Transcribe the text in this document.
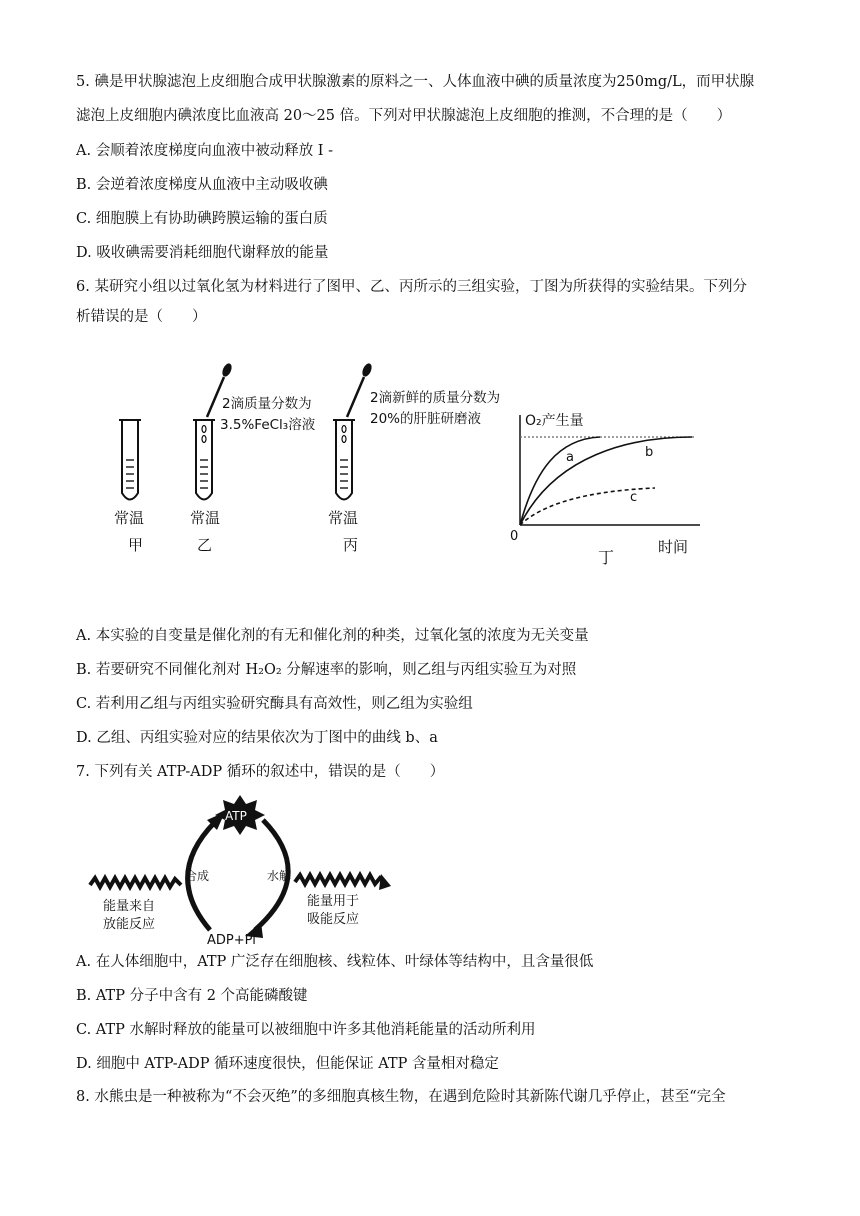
5. 碘是甲状腺滤泡上皮细胞合成甲状腺激素的原料之一、人体血液中碘的质量浓度为250mg/L，而甲状腺
滤泡上皮细胞内碘浓度比血液高 20～25 倍。下列对甲状腺滤泡上皮细胞的推测，不合理的是（　　）
A. 会顺着浓度梯度向血液中被动释放 I -
B. 会逆着浓度梯度从血液中主动吸收碘
C. 细胞膜上有协助碘跨膜运输的蛋白质
D. 吸收碘需要消耗细胞代谢释放的能量
6. 某研究小组以过氧化氢为材料进行了图甲、乙、丙所示的三组实验，丁图为所获得的实验结果。下列分
析错误的是（　　）
2滴质量分数为
3.5%FeCl₃溶液
2滴新鲜的质量分数为
20%的肝脏研磨液
常温	常温	常温
甲	乙	丙
O₂产生量
时间
0
丁
a	b
c
A. 本实验的自变量是催化剂的有无和催化剂的种类，过氧化氢的浓度为无关变量
B. 若要研究不同催化剂对 H₂O₂ 分解速率的影响，则乙组与丙组实验互为对照
C. 若利用乙组与丙组实验研究酶具有高效性，则乙组为实验组
D. 乙组、丙组实验对应的结果依次为丁图中的曲线 b、a
7. 下列有关 ATP-ADP 循环的叙述中，错误的是（　　）
ATP
合成	水解
能量来自
放能反应
能量用于
吸能反应
ADP+Pi
A. 在人体细胞中，ATP 广泛存在细胞核、线粒体、叶绿体等结构中，且含量很低
B. ATP 分子中含有 2 个高能磷酸键
C. ATP 水解时释放的能量可以被细胞中许多其他消耗能量的活动所利用
D. 细胞中 ATP-ADP 循环速度很快，但能保证 ATP 含量相对稳定
8. 水熊虫是一种被称为“不会灭绝”的多细胞真核生物，在遇到危险时其新陈代谢几乎停止，甚至“完全
